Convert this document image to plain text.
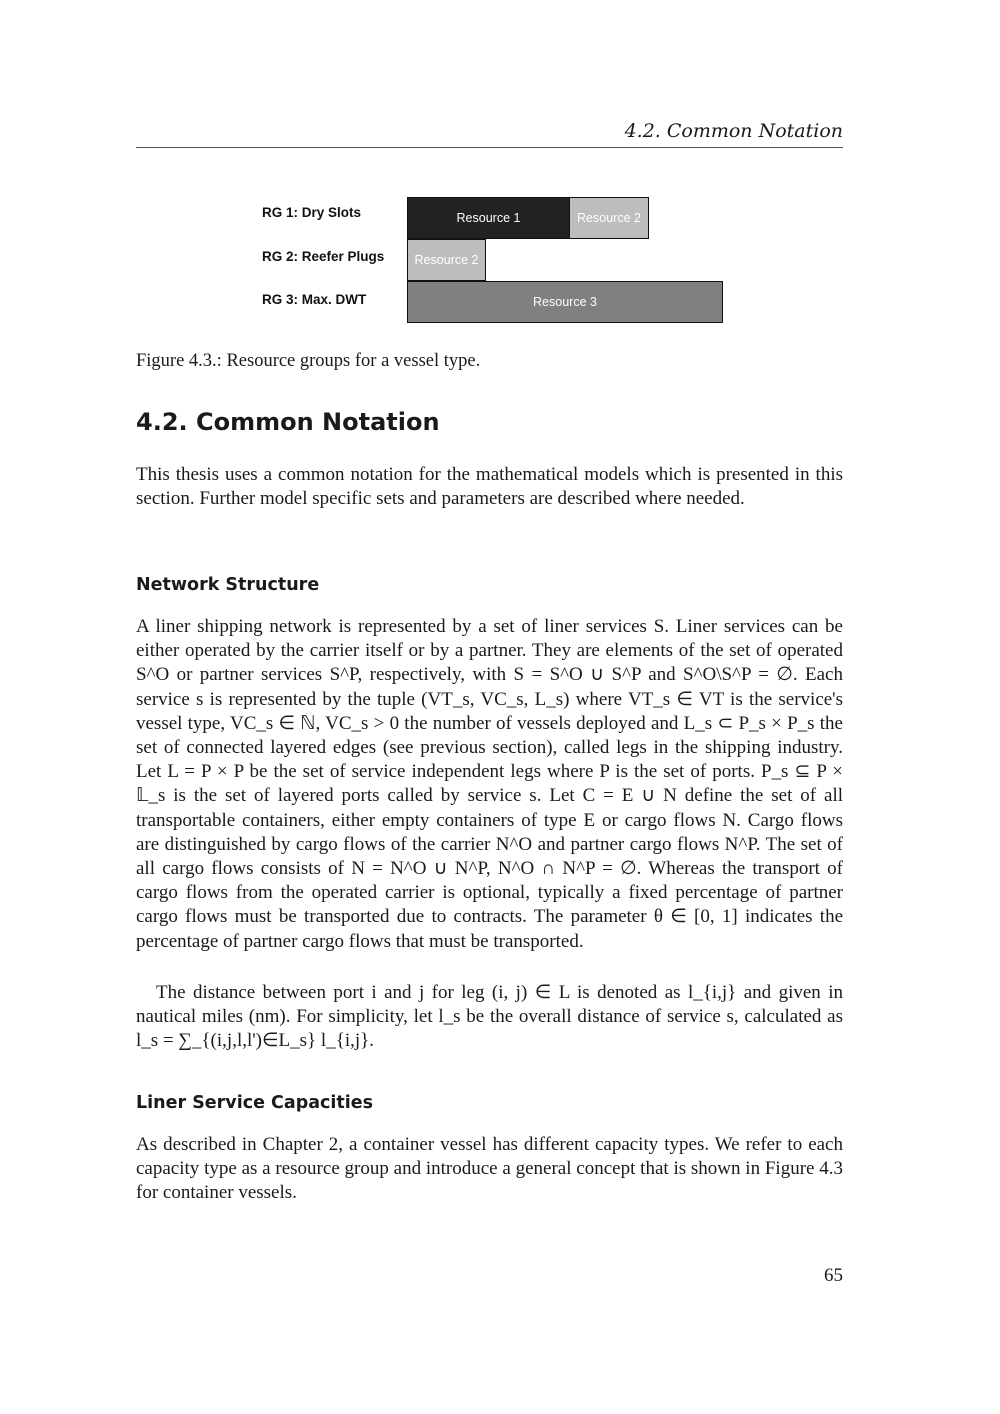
4.2. Common Notation
RG 1: Dry Slots
RG 2: Reefer Plugs
RG 3: Max. DWT
Resource 1	Resource 2
Resource 2
Resource 3
Figure 4.3.: Resource groups for a vessel type.
4.2. Common Notation

This thesis uses a common notation for the mathematical models which is presented in this section. Further model specific sets and parameters are described where needed.

Network Structure

A liner shipping network is represented by a set of liner services S. Liner services can be either operated by the carrier itself or by a partner. They are elements of the set of operated S^O or partner services S^P, respectively, with S = S^O ∪ S^P and S^O\S^P = ∅. Each service s is represented by the tuple (VT_s, VC_s, L_s) where VT_s ∈ VT is the service's vessel type, VC_s ∈ ℕ, VC_s > 0 the number of vessels deployed and L_s ⊂ P_s × P_s the set of connected layered edges (see previous section), called legs in the shipping industry. Let L = P × P be the set of service independent legs where P is the set of ports. P_s ⊆ P × 𝕃_s is the set of layered ports called by service s. Let C = E ∪ N define the set of all transportable containers, either empty containers of type E or cargo flows N. Cargo flows are distinguished by cargo flows of the carrier N^O and partner cargo flows N^P. The set of all cargo flows consists of N = N^O ∪ N^P, N^O ∩ N^P = ∅. Whereas the transport of cargo flows from the operated carrier is optional, typically a fixed percentage of partner cargo flows must be transported due to contracts. The parameter θ ∈ [0, 1] indicates the percentage of partner cargo flows that must be transported.

The distance between port i and j for leg (i, j) ∈ L is denoted as l_{i,j} and given in nautical miles (nm). For simplicity, let l_s be the overall distance of service s, calculated as l_s = ∑_{(i,j,l,l')∈L_s} l_{i,j}.

Liner Service Capacities

As described in Chapter 2, a container vessel has different capacity types. We refer to each capacity type as a resource group and introduce a general concept that is shown in Figure 4.3 for container vessels.

65
